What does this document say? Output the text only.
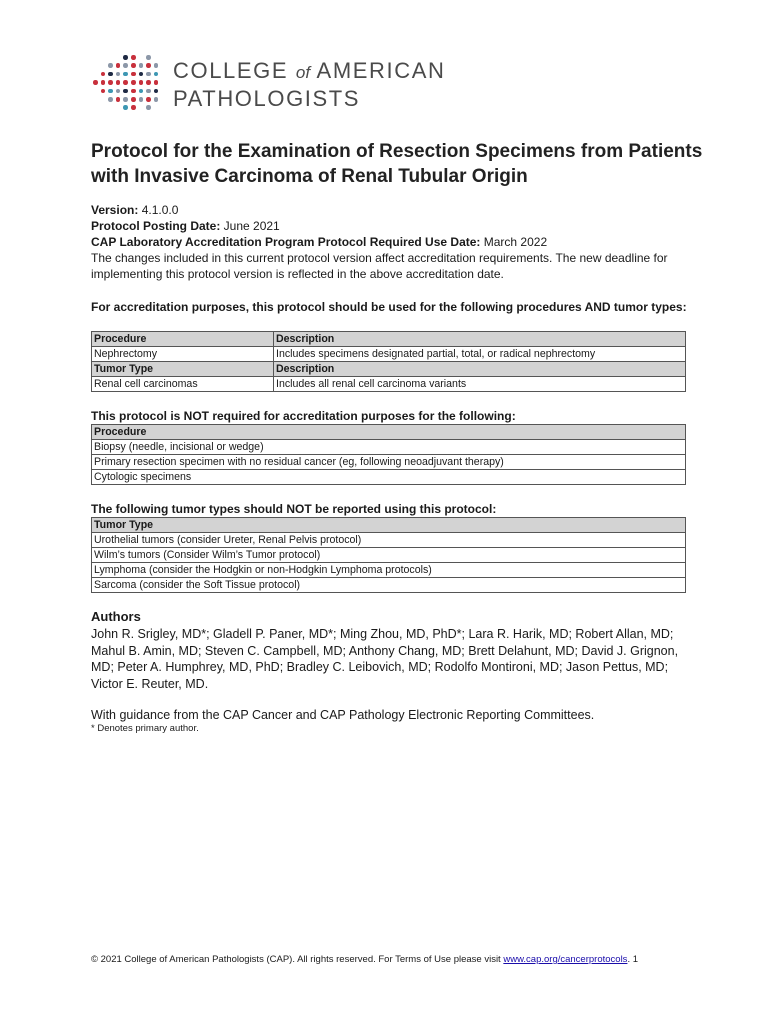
COLLEGE of AMERICAN
PATHOLOGISTS
Protocol for the Examination of Resection Specimens from Patients with Invasive Carcinoma of Renal Tubular Origin
Version: 4.1.0.0
Protocol Posting Date: June 2021
CAP Laboratory Accreditation Program Protocol Required Use Date: March 2022
The changes included in this current protocol version affect accreditation requirements. The new deadline for implementing this protocol version is reflected in the above accreditation date.
For accreditation purposes, this protocol should be used for the following procedures AND tumor types:
Procedure	Description
Nephrectomy	Includes specimens designated partial, total, or radical nephrectomy
Tumor Type	Description
Renal cell carcinomas	Includes all renal cell carcinoma variants
This protocol is NOT required for accreditation purposes for the following:
Procedure
Biopsy (needle, incisional or wedge)
Primary resection specimen with no residual cancer (eg, following neoadjuvant therapy)
Cytologic specimens
The following tumor types should NOT be reported using this protocol:
Tumor Type
Urothelial tumors (consider Ureter, Renal Pelvis protocol)
Wilm’s tumors (Consider Wilm’s Tumor protocol)
Lymphoma (consider the Hodgkin or non-Hodgkin Lymphoma protocols)
Sarcoma (consider the Soft Tissue protocol)
Authors
John R. Srigley, MD*; Gladell P. Paner, MD*; Ming Zhou, MD, PhD*; Lara R. Harik, MD; Robert Allan, MD; Mahul B. Amin, MD; Steven C. Campbell, MD; Anthony Chang, MD; Brett Delahunt, MD; David J. Grignon, MD; Peter A. Humphrey, MD, PhD; Bradley C. Leibovich, MD; Rodolfo Montironi, MD; Jason Pettus, MD; Victor E. Reuter, MD.
With guidance from the CAP Cancer and CAP Pathology Electronic Reporting Committees.
* Denotes primary author.
© 2021 College of American Pathologists (CAP). All rights reserved. For Terms of Use please visit www.cap.org/cancerprotocols. 1
